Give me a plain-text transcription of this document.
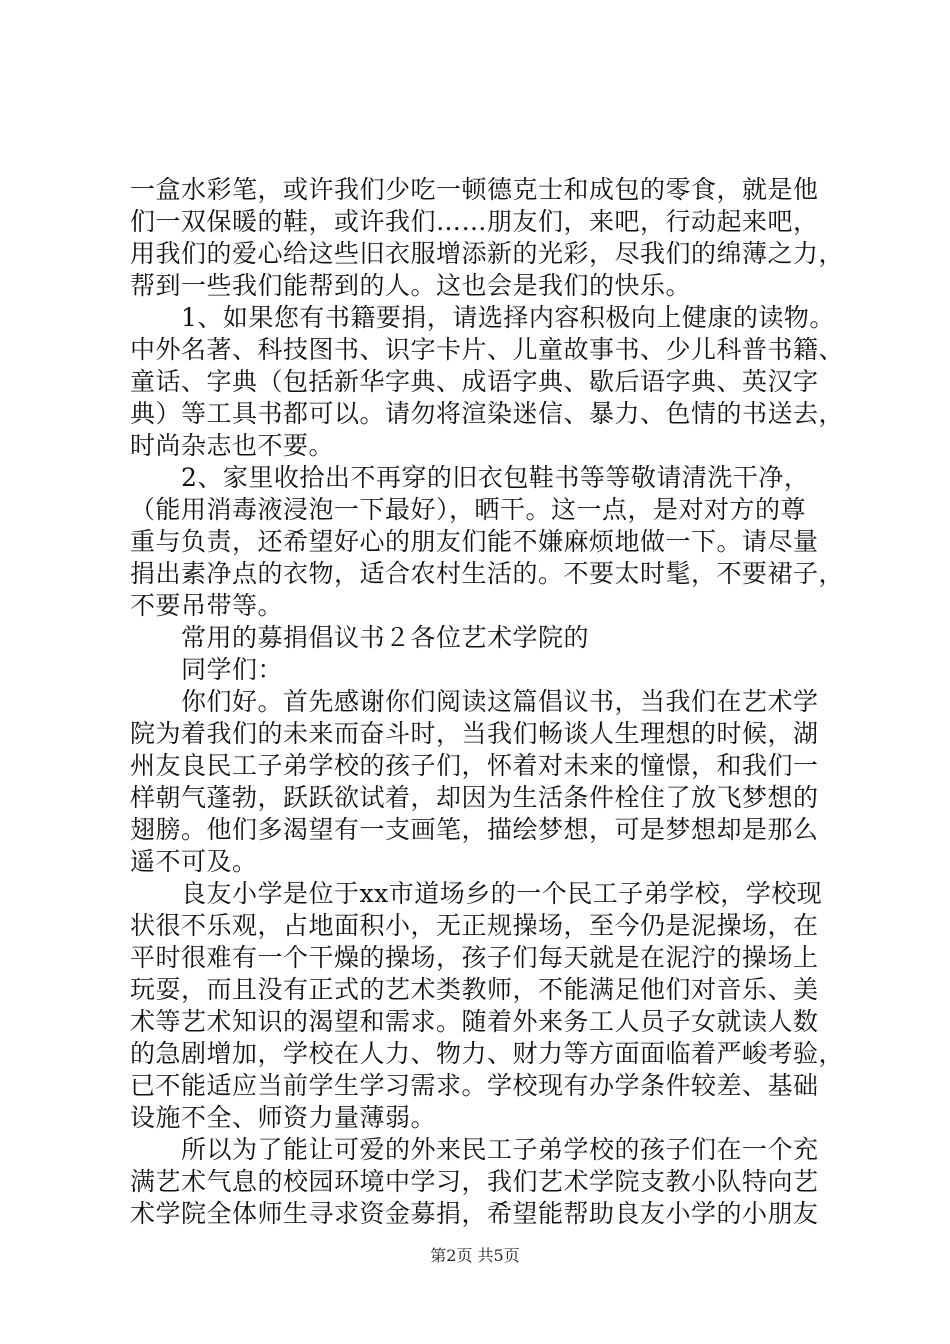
一盒水彩笔，或许我们少吃一顿德克士和成包的零食，就是他
们一双保暖的鞋，或许我们……朋友们，来吧，行动起来吧，
用我们的爱心给这些旧衣服增添新的光彩，尽我们的绵薄之力，
帮到一些我们能帮到的人。这也会是我们的快乐。
1、如果您有书籍要捐，请选择内容积极向上健康的读物。
中外名著、科技图书、识字卡片、儿童故事书、少儿科普书籍、
童话、字典（包括新华字典、成语字典、歇后语字典、英汉字
典）等工具书都可以。请勿将渲染迷信、暴力、色情的书送去，
时尚杂志也不要。
2、家里收拾出不再穿的旧衣包鞋书等等敬请清洗干净，
（能用消毒液浸泡一下最好），晒干。这一点，是对对方的尊
重与负责，还希望好心的朋友们能不嫌麻烦地做一下。请尽量
捐出素净点的衣物，适合农村生活的。不要太时髦，不要裙子，
不要吊带等。
常用的募捐倡议书２各位艺术学院的
同学们：
你们好。首先感谢你们阅读这篇倡议书，当我们在艺术学
院为着我们的未来而奋斗时，当我们畅谈人生理想的时候，湖
州友良民工子弟学校的孩子们，怀着对未来的憧憬，和我们一
样朝气蓬勃，跃跃欲试着，却因为生活条件栓住了放飞梦想的
翅膀。他们多渴望有一支画笔，描绘梦想，可是梦想却是那么
遥不可及。
良友小学是位于xx市道场乡的一个民工子弟学校，学校现
状很不乐观，占地面积小，无正规操场，至今仍是泥操场，在
平时很难有一个干燥的操场，孩子们每天就是在泥泞的操场上
玩耍，而且没有正式的艺术类教师，不能满足他们对音乐、美
术等艺术知识的渴望和需求。随着外来务工人员子女就读人数
的急剧增加，学校在人力、物力、财力等方面面临着严峻考验，
已不能适应当前学生学习需求。学校现有办学条件较差、基础
设施不全、师资力量薄弱。
所以为了能让可爱的外来民工子弟学校的孩子们在一个充
满艺术气息的校园环境中学习，我们艺术学院支教小队特向艺
术学院全体师生寻求资金募捐，希望能帮助良友小学的小朋友
第2页 共5页
